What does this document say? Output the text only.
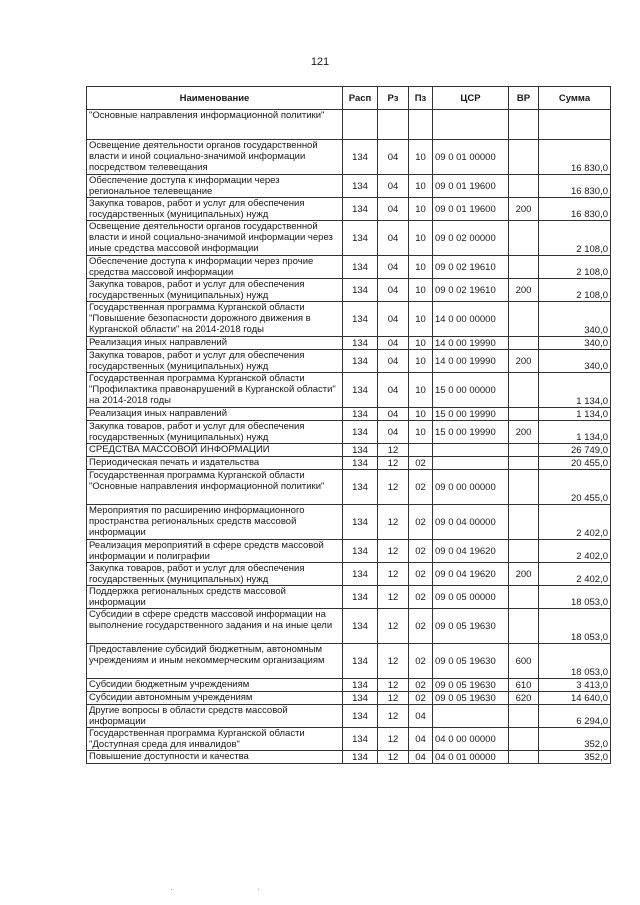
121
Наименование	Расп	Рз	Пз	ЦСР	ВР	Сумма
"Основные направления информационной политики"						
Освещение деятельности органов государственной власти и иной социально-значимой информации посредством телевещания	134	04	10	09 0 01 00000		16 830,0
Обеспечение доступа к информации через региональное телевещание	134	04	10	09 0 01 19600		16 830,0
Закупка товаров, работ и услуг для обеспечения государственных (муниципальных) нужд	134	04	10	09 0 01 19600	200	16 830,0
Освещение деятельности органов государственной власти и иной социально-значимой информации через иные средства массовой информации	134	04	10	09 0 02 00000		2 108,0
Обеспечение доступа к информации через прочие средства массовой информации	134	04	10	09 0 02 19610		2 108,0
Закупка товаров, работ и услуг для обеспечения государственных (муниципальных) нужд	134	04	10	09 0 02 19610	200	2 108,0
Государственная программа Курганской области "Повышение безопасности дорожного движения в Курганской области" на 2014-2018 годы	134	04	10	14 0 00 00000		340,0
Реализация иных направлений	134	04	10	14 0 00 19990		340,0
Закупка товаров, работ и услуг для обеспечения государственных (муниципальных) нужд	134	04	10	14 0 00 19990	200	340,0
Государственная программа Курганской области "Профилактика правонарушений в Курганской области" на 2014-2018 годы	134	04	10	15 0 00 00000		1 134,0
Реализация иных направлений	134	04	10	15 0 00 19990		1 134,0
Закупка товаров, работ и услуг для обеспечения государственных (муниципальных) нужд	134	04	10	15 0 00 19990	200	1 134,0
СРЕДСТВА МАССОВОЙ ИНФОРМАЦИИ	134	12				26 749,0
Периодическая печать и издательства	134	12	02			20 455,0
Государственная программа Курганской области "Основные направления информационной политики"	134	12	02	09 0 00 00000		20 455,0
Мероприятия по расширению информационного пространства региональных средств массовой информации	134	12	02	09 0 04 00000		2 402,0
Реализация мероприятий в сфере средств массовой информации и полиграфии	134	12	02	09 0 04 19620		2 402,0
Закупка товаров, работ и услуг для обеспечения государственных (муниципальных) нужд	134	12	02	09 0 04 19620	200	2 402,0
Поддержка региональных средств массовой информации	134	12	02	09 0 05 00000		18 053,0
Субсидии в сфере средств массовой информации на выполнение государственного задания и на иные цели	134	12	02	09 0 05 19630		18 053,0
Предоставление субсидий бюджетным, автономным учреждениям и иным некоммерческим организациям	134	12	02	09 0 05 19630	600	18 053,0
Субсидии бюджетным учреждениям	134	12	02	09 0 05 19630	610	3 413,0
Субсидии автономным учреждениям	134	12	02	09 0 05 19630	620	14 640,0
Другие вопросы в области средств массовой информации	134	12	04			6 294,0
Государственная программа Курганской области "Доступная среда для инвалидов"	134	12	04	04 0 00 00000		352,0
Повышение доступности и качества	134	12	04	04 0 01 00000		352,0
·                                      ·
